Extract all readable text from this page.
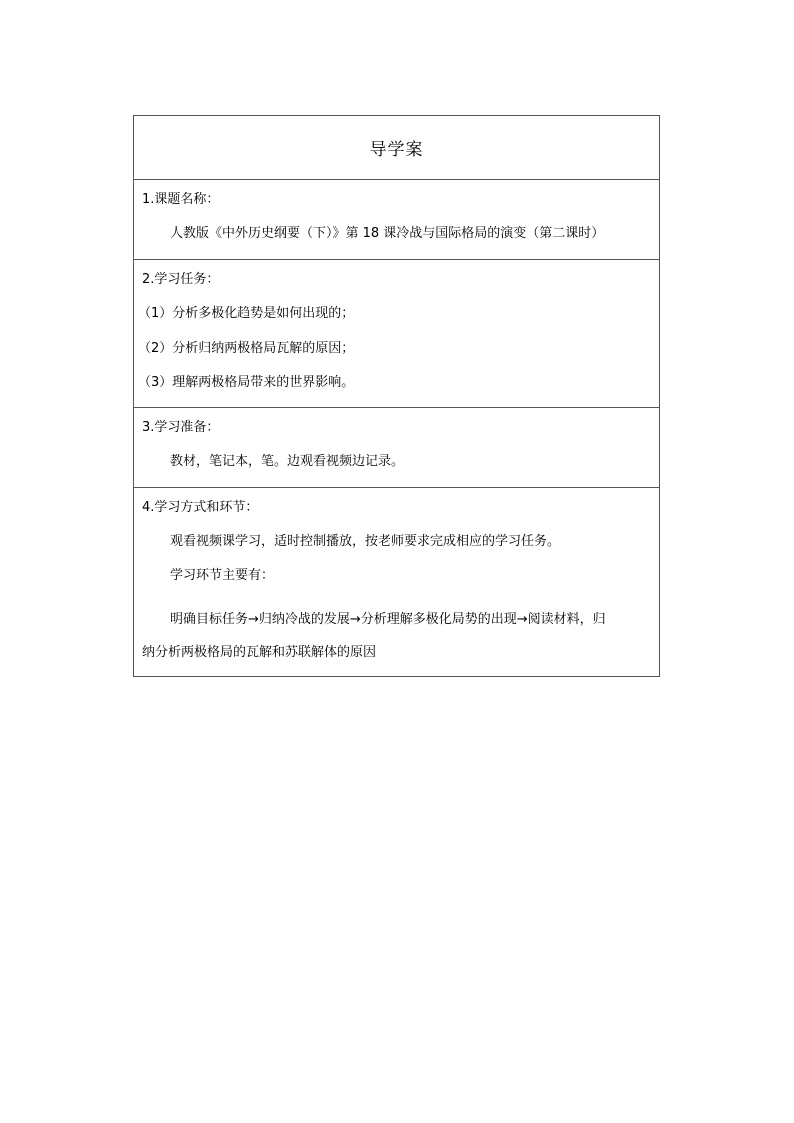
导学案
1.课题名称：
人教版《中外历史纲要（下）》第 18 课冷战与国际格局的演变（第二课时）
2.学习任务：
（1）分析多极化趋势是如何出现的；
（2）分析归纳两极格局瓦解的原因；
（3）理解两极格局带来的世界影响。
3.学习准备：
教材，笔记本，笔。边观看视频边记录。
4.学习方式和环节：
观看视频课学习，适时控制播放，按老师要求完成相应的学习任务。
学习环节主要有：
明确目标任务→归纳冷战的发展→分析理解多极化局势的出现→阅读材料，归
纳分析两极格局的瓦解和苏联解体的原因
